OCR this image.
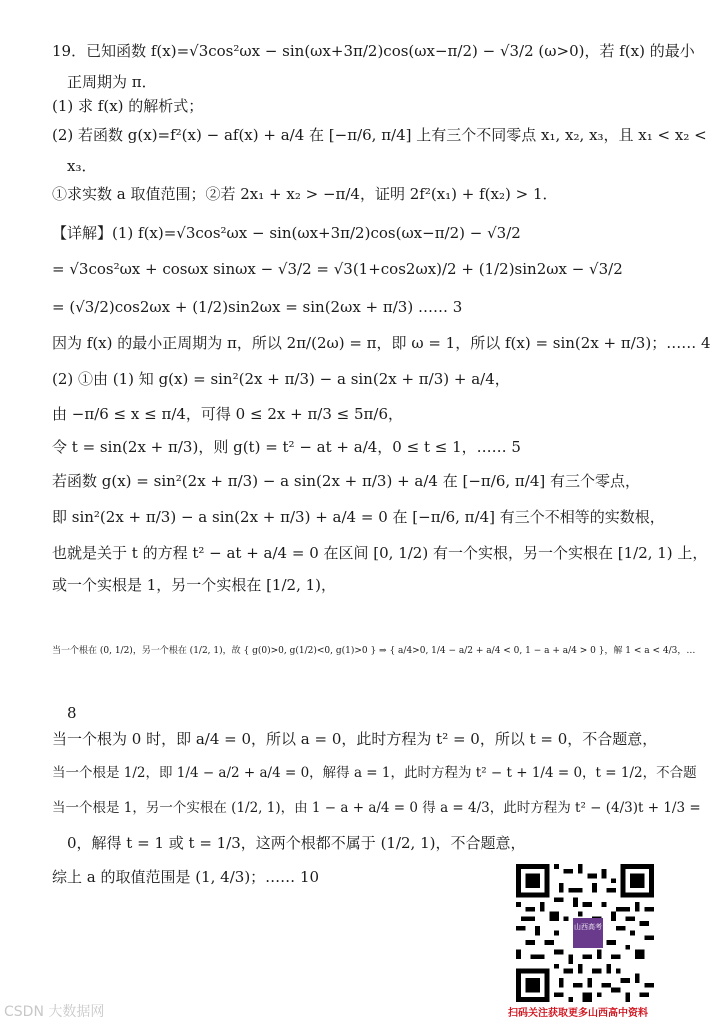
19．已知函数 f(x)=√3cos²ωx − sin(ωx+3π/2)cos(ωx−π/2) − √3/2 (ω>0)，若 f(x) 的最小
正周期为 π．
(1) 求 f(x) 的解析式；
(2) 若函数 g(x)=f²(x) − af(x) + a/4 在 [−π/6, π/4] 上有三个不同零点 x₁, x₂, x₃，且 x₁ < x₂ <
x₃．
①求实数 a 取值范围；②若 2x₁ + x₂ > −π/4，证明 2f²(x₁) + f(x₂) > 1．
【详解】(1) f(x)=√3cos²ωx − sin(ωx+3π/2)cos(ωx−π/2) − √3/2
= √3cos²ωx + cosωx sinωx − √3/2 = √3(1+cos2ωx)/2 + (1/2)sin2ωx − √3/2
= (√3/2)cos2ωx + (1/2)sin2ωx = sin(2ωx + π/3) …… 3
因为 f(x) 的最小正周期为 π，所以 2π/(2ω) = π，即 ω = 1，所以 f(x) = sin(2x + π/3)；…… 4
(2) ①由 (1) 知 g(x) = sin²(2x + π/3) − a sin(2x + π/3) + a/4，
由 −π/6 ≤ x ≤ π/4，可得 0 ≤ 2x + π/3 ≤ 5π/6，
令 t = sin(2x + π/3)，则 g(t) = t² − at + a/4，0 ≤ t ≤ 1，…… 5
若函数 g(x) = sin²(2x + π/3) − a sin(2x + π/3) + a/4 在 [−π/6, π/4] 有三个零点，
即 sin²(2x + π/3) − a sin(2x + π/3) + a/4 = 0 在 [−π/6, π/4] 有三个不相等的实数根，
也就是关于 t 的方程 t² − at + a/4 = 0 在区间 [0, 1/2) 有一个实根，另一个实根在 [1/2, 1) 上，
或一个实根是 1，另一个实根在 [1/2, 1)，
当一个根在 (0, 1/2)，另一个根在 (1/2, 1)，故 { g(0)>0, g(1/2)<0, g(1)>0 } ⇒ { a/4>0, 1/4 − a/2 + a/4 < 0, 1 − a + a/4 > 0 }，解 1 < a < 4/3，…
8
当一个根为 0 时，即 a/4 = 0，所以 a = 0，此时方程为 t² = 0，所以 t = 0，不合题意，
当一个根是 1/2，即 1/4 − a/2 + a/4 = 0，解得 a = 1，此时方程为 t² − t + 1/4 = 0，t = 1/2，不合题
当一个根是 1，另一个实根在 (1/2, 1)，由 1 − a + a/4 = 0 得 a = 4/3，此时方程为 t² − (4/3)t + 1/3 =
0，解得 t = 1 或 t = 1/3，这两个根都不属于 (1/2, 1)，不合题意，
综上 a 的取值范围是 (1, 4/3)；…… 10
山西高考
扫码关注获取更多山西高中资料
CSDN 大数据网
